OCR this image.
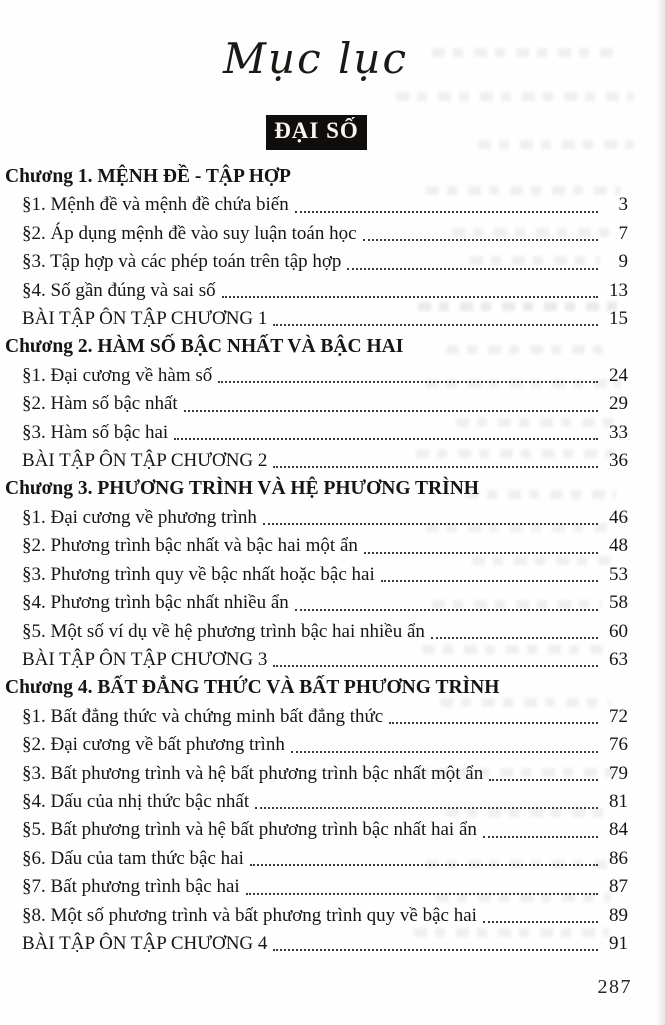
Mục lục
ĐẠI SỐ
Chương 1. MỆNH ĐỀ - TẬP HỢP
§1. Mệnh đề và mệnh đề chứa biến	3
§2. Áp dụng mệnh đề vào suy luận toán học	7
§3. Tập hợp và các phép toán trên tập hợp	9
§4. Số gần đúng và sai số	13
BÀI TẬP ÔN TẬP CHƯƠNG 1	15
Chương 2. HÀM SỐ BẬC NHẤT VÀ BẬC HAI
§1. Đại cương về hàm số	24
§2. Hàm số bậc nhất	29
§3. Hàm số bậc hai	33
BÀI TẬP ÔN TẬP CHƯƠNG 2	36
Chương 3. PHƯƠNG TRÌNH VÀ HỆ PHƯƠNG TRÌNH
§1. Đại cương về phương trình	46
§2. Phương trình bậc nhất và bậc hai một ẩn	48
§3. Phương trình quy về bậc nhất hoặc bậc hai	53
§4. Phương trình bậc nhất nhiều ẩn	58
§5. Một số ví dụ về hệ phương trình bậc hai nhiều ẩn	60
BÀI TẬP ÔN TẬP CHƯƠNG 3	63
Chương 4. BẤT ĐẲNG THỨC VÀ BẤT PHƯƠNG TRÌNH
§1. Bất đẳng thức và chứng minh bất đẳng thức	72
§2. Đại cương về bất phương trình	76
§3. Bất phương trình và hệ bất phương trình bậc nhất một ẩn	79
§4. Dấu của nhị thức bậc nhất	81
§5. Bất phương trình và hệ bất phương trình bậc nhất hai ẩn	84
§6. Dấu của tam thức bậc hai	86
§7. Bất phương trình bậc hai	87
§8. Một số phương trình và bất phương trình quy về bậc hai	89
BÀI TẬP ÔN TẬP CHƯƠNG 4	91
287
